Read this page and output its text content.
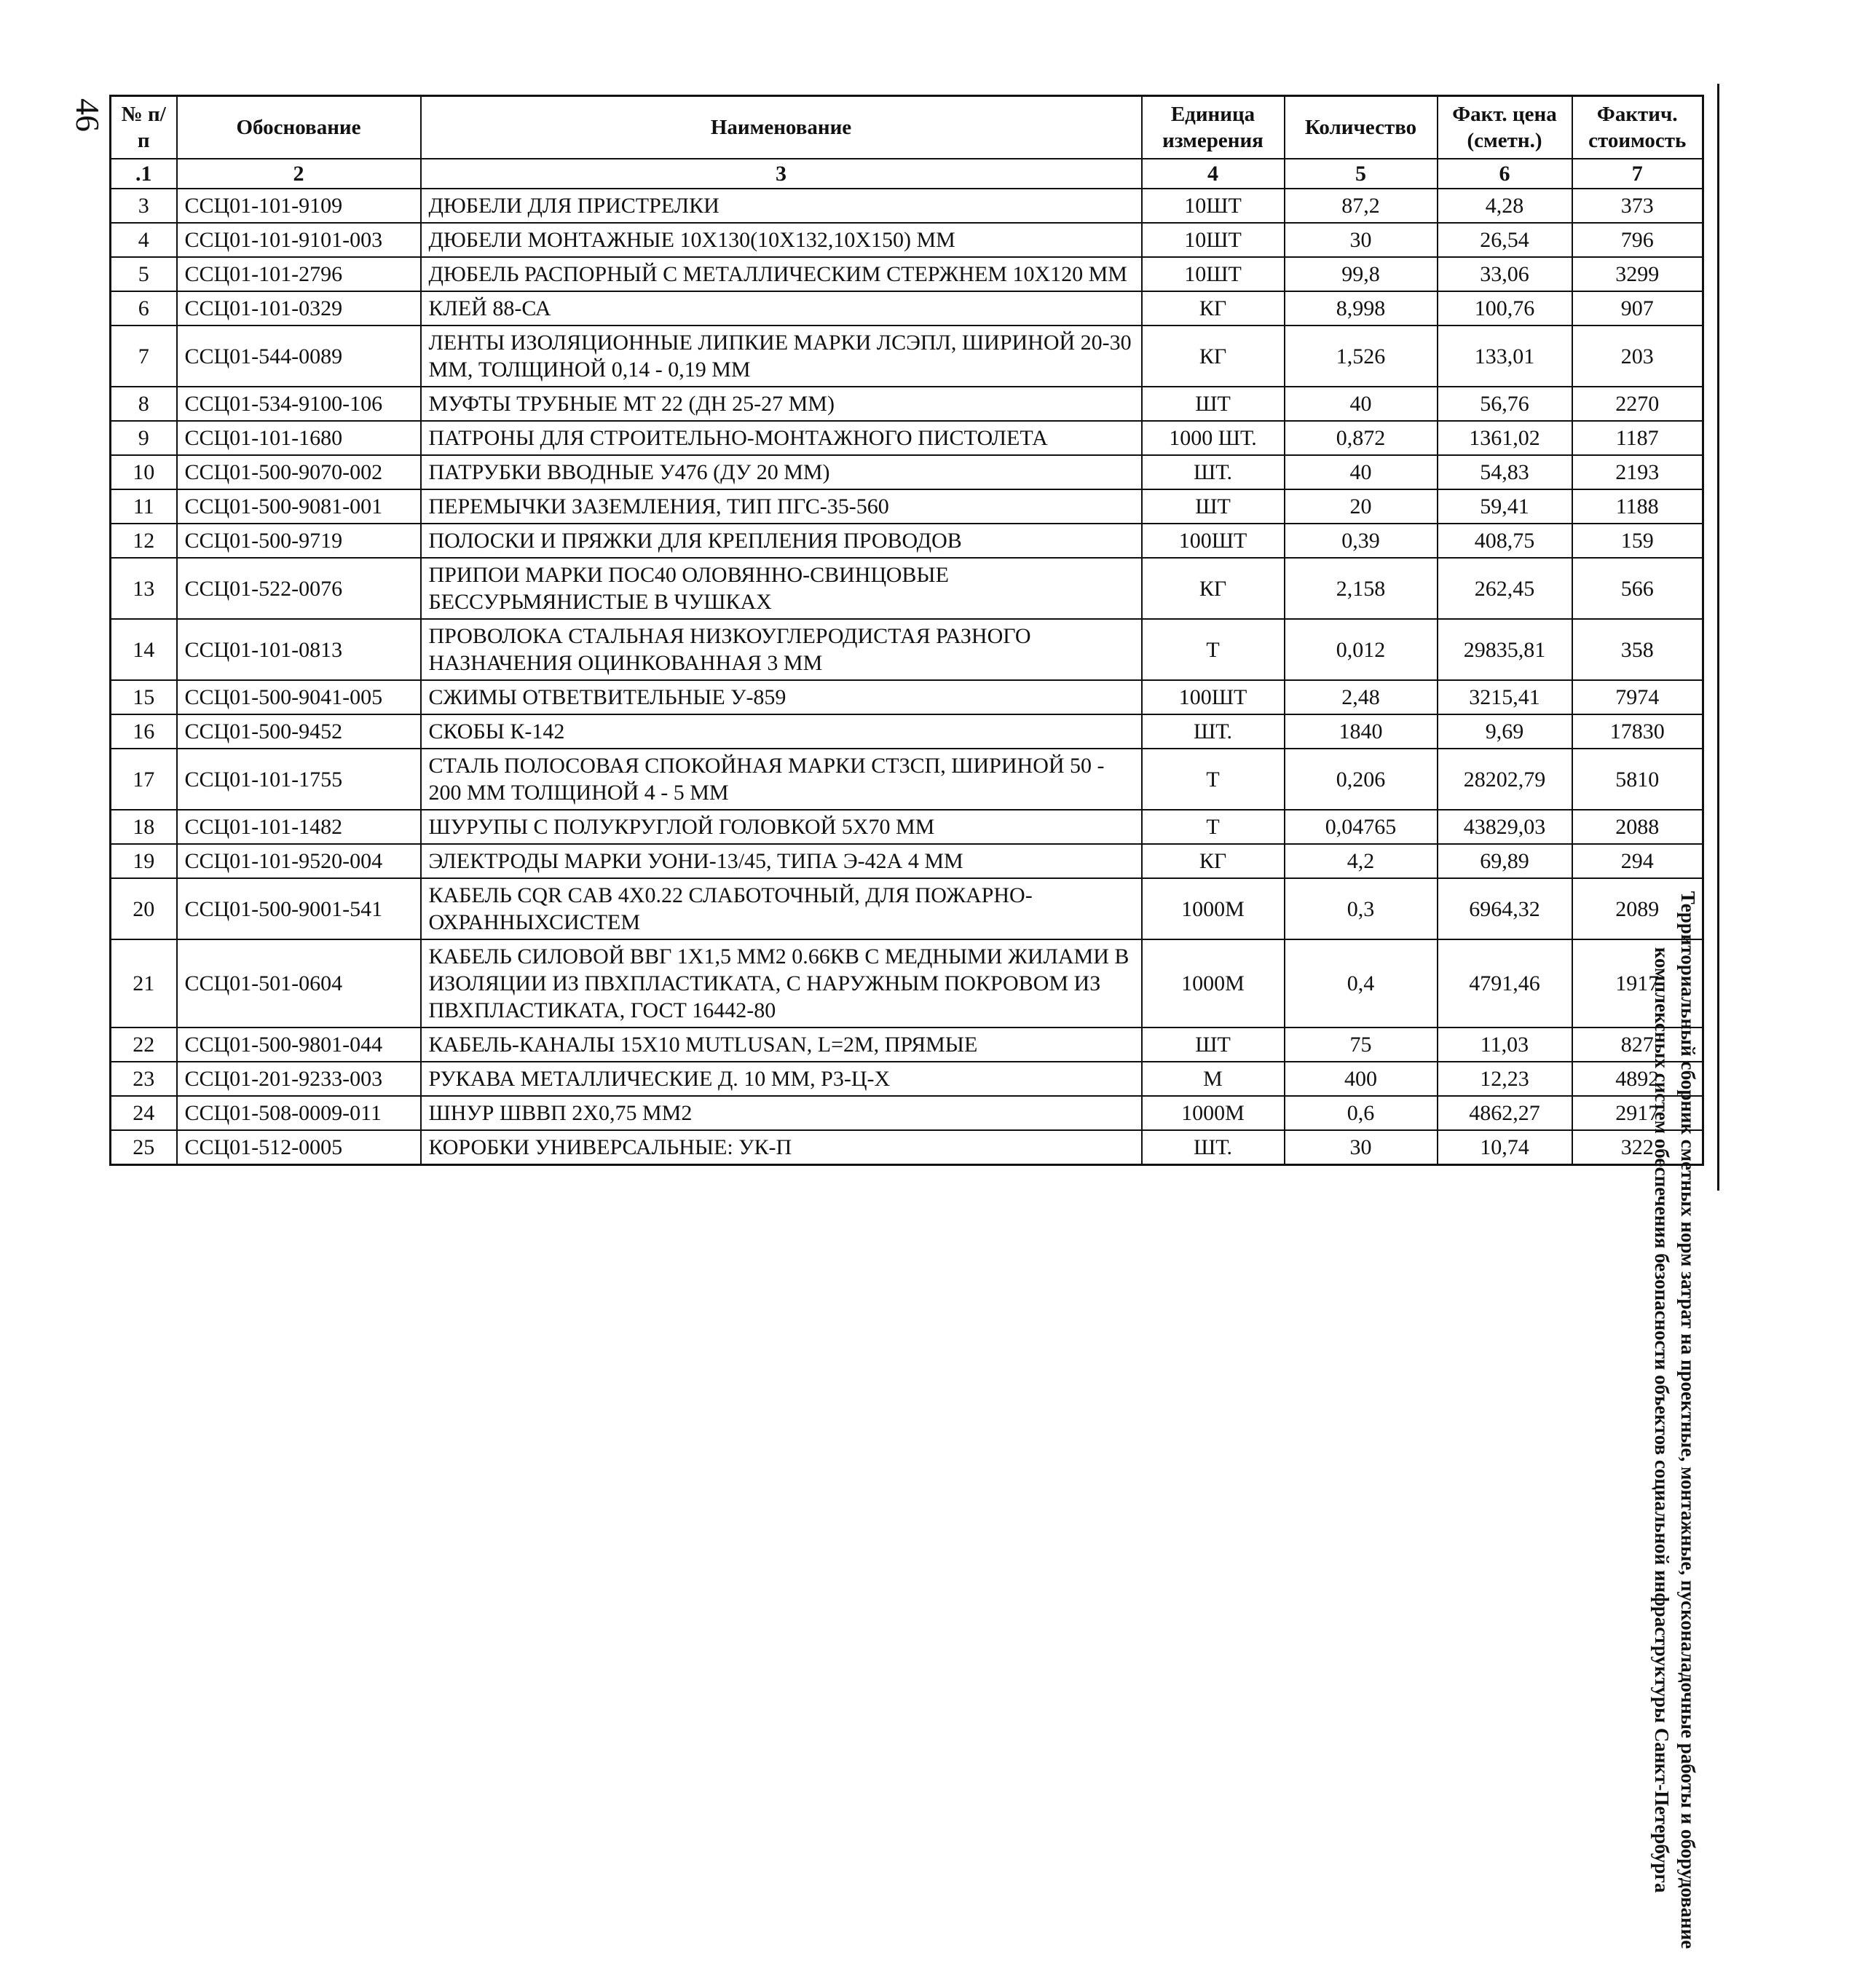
46
Территориальный сборник сметных норм затрат на проектные, монтажные, пусконаладочные работы и оборудование
комплексных систем обеспечения безопасности объектов социальной инфраструктуры Санкт-Петербурга
№ п/п	Обоснование	Наименование	Единица измерения	Количество	Факт. цена (сметн.)	Фактич. стоимость
.1	2	3	4	5	6	7
3	ССЦ01-101-9109	ДЮБЕЛИ ДЛЯ ПРИСТРЕЛКИ	10ШТ	87,2	4,28	373
4	ССЦ01-101-9101-003	ДЮБЕЛИ МОНТАЖНЫЕ 10Х130(10Х132,10Х150) ММ	10ШТ	30	26,54	796
5	ССЦ01-101-2796	ДЮБЕЛЬ РАСПОРНЫЙ С МЕТАЛЛИЧЕСКИМ СТЕРЖНЕМ 10Х120 ММ	10ШТ	99,8	33,06	3299
6	ССЦ01-101-0329	КЛЕЙ 88-СА	КГ	8,998	100,76	907
7	ССЦ01-544-0089	ЛЕНТЫ ИЗОЛЯЦИОННЫЕ ЛИПКИЕ МАРКИ ЛСЭПЛ, ШИРИНОЙ 20-30 ММ, ТОЛЩИНОЙ 0,14 - 0,19 ММ	КГ	1,526	133,01	203
8	ССЦ01-534-9100-106	МУФТЫ ТРУБНЫЕ МТ 22 (ДН 25-27 ММ)	ШТ	40	56,76	2270
9	ССЦ01-101-1680	ПАТРОНЫ ДЛЯ СТРОИТЕЛЬНО-МОНТАЖНОГО ПИСТОЛЕТА	1000 ШТ.	0,872	1361,02	1187
10	ССЦ01-500-9070-002	ПАТРУБКИ ВВОДНЫЕ У476 (ДУ 20 ММ)	ШТ.	40	54,83	2193
11	ССЦ01-500-9081-001	ПЕРЕМЫЧКИ ЗАЗЕМЛЕНИЯ, ТИП ПГС-35-560	ШТ	20	59,41	1188
12	ССЦ01-500-9719	ПОЛОСКИ И ПРЯЖКИ ДЛЯ КРЕПЛЕНИЯ ПРОВОДОВ	100ШТ	0,39	408,75	159
13	ССЦ01-522-0076	ПРИПОИ МАРКИ ПОС40 ОЛОВЯННО-СВИНЦОВЫЕ БЕССУРЬМЯНИСТЫЕ В ЧУШКАХ	КГ	2,158	262,45	566
14	ССЦ01-101-0813	ПРОВОЛОКА СТАЛЬНАЯ НИЗКОУГЛЕРОДИСТАЯ РАЗНОГО НАЗНАЧЕНИЯ ОЦИНКОВАННАЯ 3 ММ	Т	0,012	29835,81	358
15	ССЦ01-500-9041-005	СЖИМЫ ОТВЕТВИТЕЛЬНЫЕ У-859	100ШТ	2,48	3215,41	7974
16	ССЦ01-500-9452	СКОБЫ К-142	ШТ.	1840	9,69	17830
17	ССЦ01-101-1755	СТАЛЬ ПОЛОСОВАЯ СПОКОЙНАЯ МАРКИ СТ3СП, ШИРИНОЙ 50 - 200 ММ ТОЛЩИНОЙ 4 - 5 ММ	Т	0,206	28202,79	5810
18	ССЦ01-101-1482	ШУРУПЫ С ПОЛУКРУГЛОЙ ГОЛОВКОЙ 5Х70 ММ	Т	0,04765	43829,03	2088
19	ССЦ01-101-9520-004	ЭЛЕКТРОДЫ МАРКИ УОНИ-13/45, ТИПА Э-42А 4 ММ	КГ	4,2	69,89	294
20	ССЦ01-500-9001-541	КАБЕЛЬ CQR CAB 4X0.22 СЛАБОТОЧНЫЙ, ДЛЯ ПОЖАРНО-ОХРАННЫХСИСТЕМ	1000М	0,3	6964,32	2089
21	ССЦ01-501-0604	КАБЕЛЬ СИЛОВОЙ ВВГ 1Х1,5 ММ2 0.66КВ С МЕДНЫМИ ЖИЛАМИ В ИЗОЛЯЦИИ ИЗ ПВХПЛАСТИКАТА, С НАРУЖНЫМ ПОКРОВОМ ИЗ ПВХПЛАСТИКАТА, ГОСТ 16442-80	1000М	0,4	4791,46	1917
22	ССЦ01-500-9801-044	КАБЕЛЬ-КАНАЛЫ 15Х10 MUTLUSAN, L=2M, ПРЯМЫЕ	ШТ	75	11,03	827
23	ССЦ01-201-9233-003	РУКАВА МЕТАЛЛИЧЕСКИЕ Д. 10 ММ, Р3-Ц-Х	М	400	12,23	4892
24	ССЦ01-508-0009-011	ШНУР ШВВП 2Х0,75 ММ2	1000М	0,6	4862,27	2917
25	ССЦ01-512-0005	КОРОБКИ УНИВЕРСАЛЬНЫЕ: УК-П	ШТ.	30	10,74	322
